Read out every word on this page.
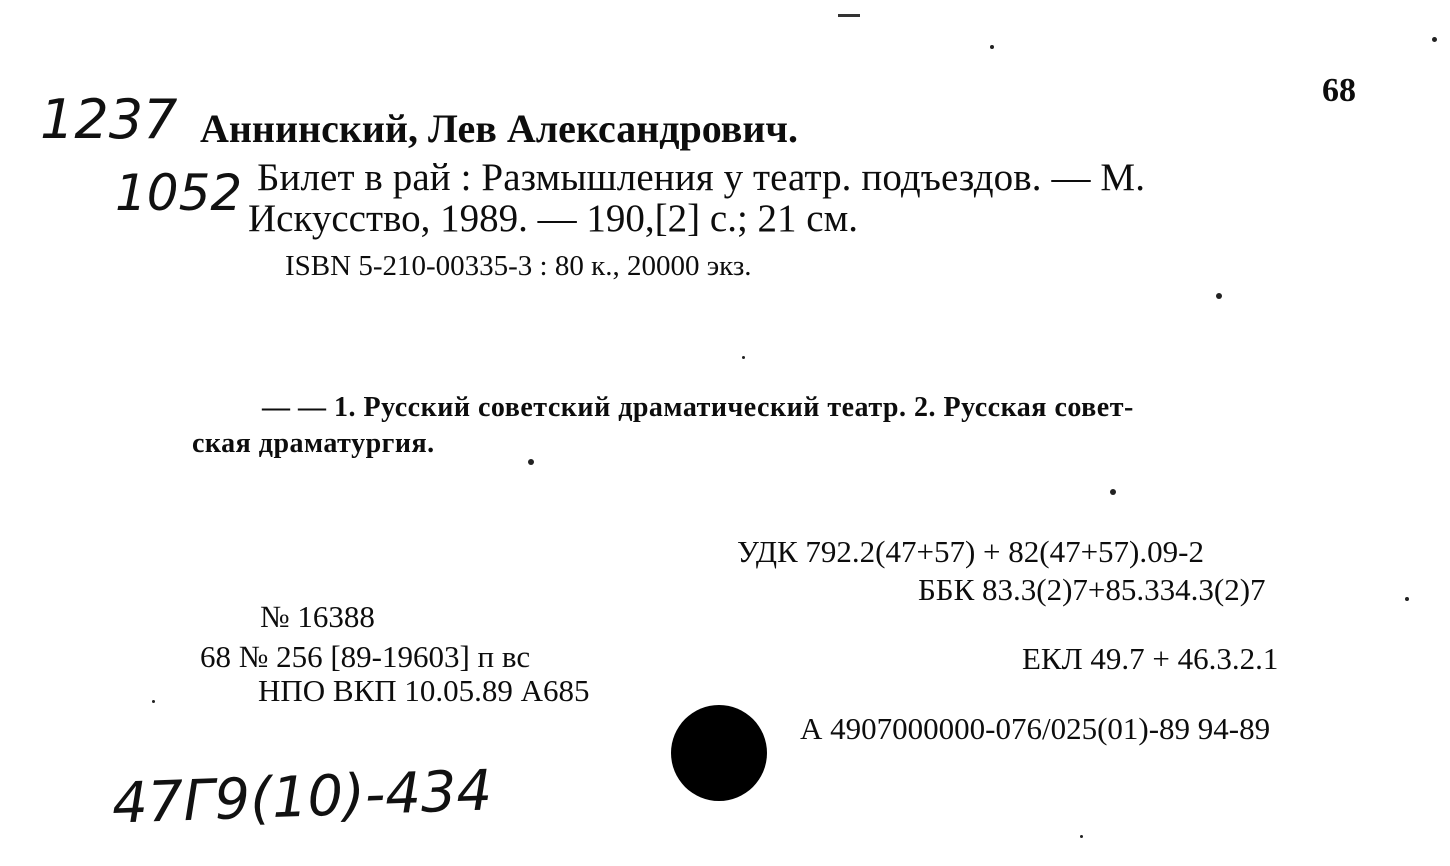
68
1237
1052
Аннинский, Лев Александрович.
Билет в рай : Размышления у театр. подъездов. — М.
Искусство, 1989. — 190,[2] с.; 21 см.
ISBN 5-210-00335-3 : 80 к., 20000 экз.
— — 1. Русский советский драматический театр. 2. Русская совет-
ская драматургия.
УДК 792.2(47+57) + 82(47+57).09-2
ББК 83.3(2)7+85.334.3(2)7
ЕКЛ 49.7 + 46.3.2.1
А 4907000000-076/025(01)-89 94-89
№ 16388
68 № 256 [89-19603] п вс
НПО ВКП 10.05.89 А685
47Г9(10)-434
